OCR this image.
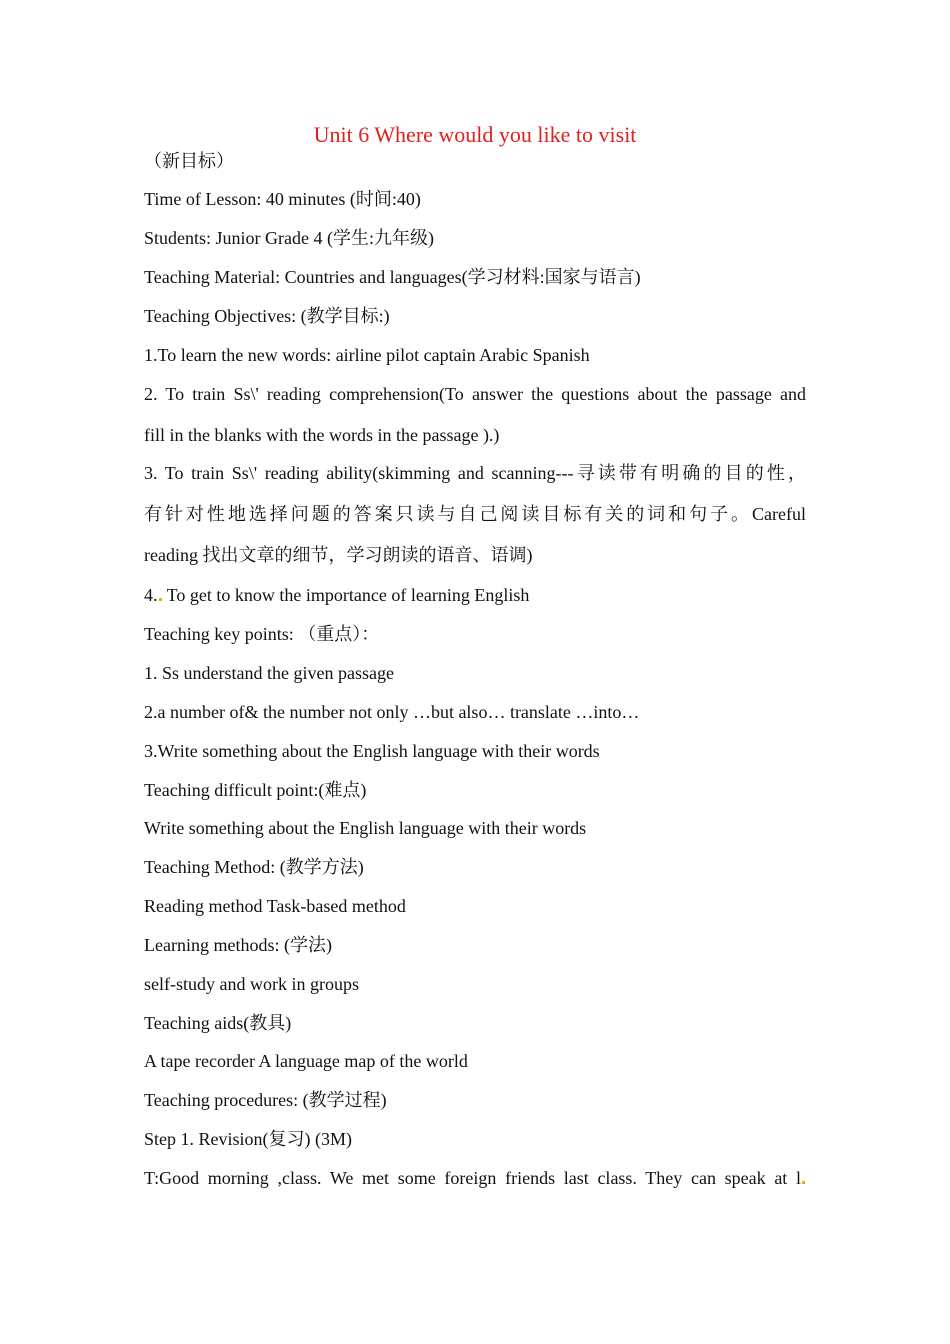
Unit 6 Where would you like to visit
（新目标）
Time of Lesson: 40 minutes (时间:40)
Students: Junior Grade 4 (学生:九年级)
Teaching Material: Countries and languages(学习材料:国家与语言)
Teaching Objectives: (教学目标:)
1.To learn the new words: airline pilot captain Arabic Spanish
2. To train Ss\' reading comprehension(To answer the questions about the passage and
fill in the blanks with the words in the passage ).)
3. To train Ss\' reading ability(skimming and scanning---寻读带有明确的目的性，
有针对性地选择问题的答案只读与自己阅读目标有关的词和句子。Careful
reading 找出文章的细节，学习朗读的语音、语调)
4. To get to know the importance of learning English
Teaching key points: （重点）：
1. Ss understand the given passage
2.a number of& the number not only …but also… translate …into…
3.Write something about the English language with their words
Teaching difficult point:(难点)
Write something about the English language with their words
Teaching Method: (教学方法)
Reading method Task-based method
Learning methods: (学法)
self-study and work in groups
Teaching aids(教具)
A tape recorder A language map of the world
Teaching procedures: (教学过程)
Step 1. Revision(复习) (3M)
T:Good morning ,class. We met some foreign friends last class. They can speak at l
